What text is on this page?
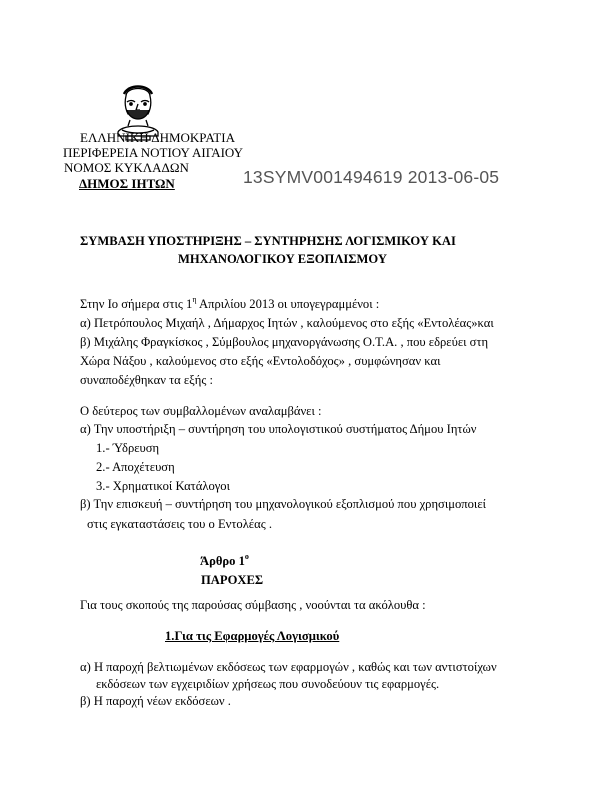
ΕΛΛΗΝΙΚΗ ΔΗΜΟΚΡΑΤΙΑ
ΠΕΡΙΦΕΡΕΙΑ ΝΟΤΙΟΥ ΑΙΓΑΙΟΥ
ΝΟΜΟΣ ΚΥΚΛΑΔΩΝ
ΔΗΜΟΣ ΙΗΤΩΝ	13SYMV001494619 2013-06-05
ΣΥΜΒΑΣΗ ΥΠΟΣΤΗΡΙΞΗΣ – ΣΥΝΤΗΡΗΣΗΣ ΛΟΓΙΣΜΙΚΟΥ ΚΑΙ
ΜΗΧΑΝΟΛΟΓΙΚΟΥ ΕΞΟΠΛΙΣΜΟΥ
Στην Ιο σήμερα στις $1^\eta$ Απριλίου 2013 οι υπογεγραμμένοι :
α) Πετρόπουλος Μιχαήλ , Δήμαρχος Ιητών , καλούμενος στο εξής «Εντολέας»και
β) Μιχάλης Φραγκίσκος , Σύμβουλος μηχανοργάνωσης Ο.Τ.Α. , που εδρεύει στη
Χώρα Νάξου , καλούμενος στο εξής «Εντολοδόχος» , συμφώνησαν και
συναποδέχθηκαν τα εξής :
Ο δεύτερος των συμβαλλομένων αναλαμβάνει :
α) Την υποστήριξη – συντήρηση του υπολογιστικού συστήματος Δήμου Ιητών
1.- Ύδρευση
2.- Αποχέτευση
3.- Χρηματικοί Κατάλογοι
β) Την επισκευή – συντήρηση του μηχανολογικού εξοπλισμού που χρησιμοποιεί
στις εγκαταστάσεις του ο Εντολέας .
Άρθρο $1^o$
ΠΑΡΟΧΕΣ
Για τους σκοπούς της παρούσας σύμβασης , νοούνται τα ακόλουθα :
1.Για τις Εφαρμογές Λογισμικού
α) Η παροχή βελτιωμένων εκδόσεως των εφαρμογών , καθώς και των αντιστοίχων
εκδόσεων των εγχειριδίων χρήσεως που συνοδεύουν τις εφαρμογές.
β) Η παροχή νέων εκδόσεων .
